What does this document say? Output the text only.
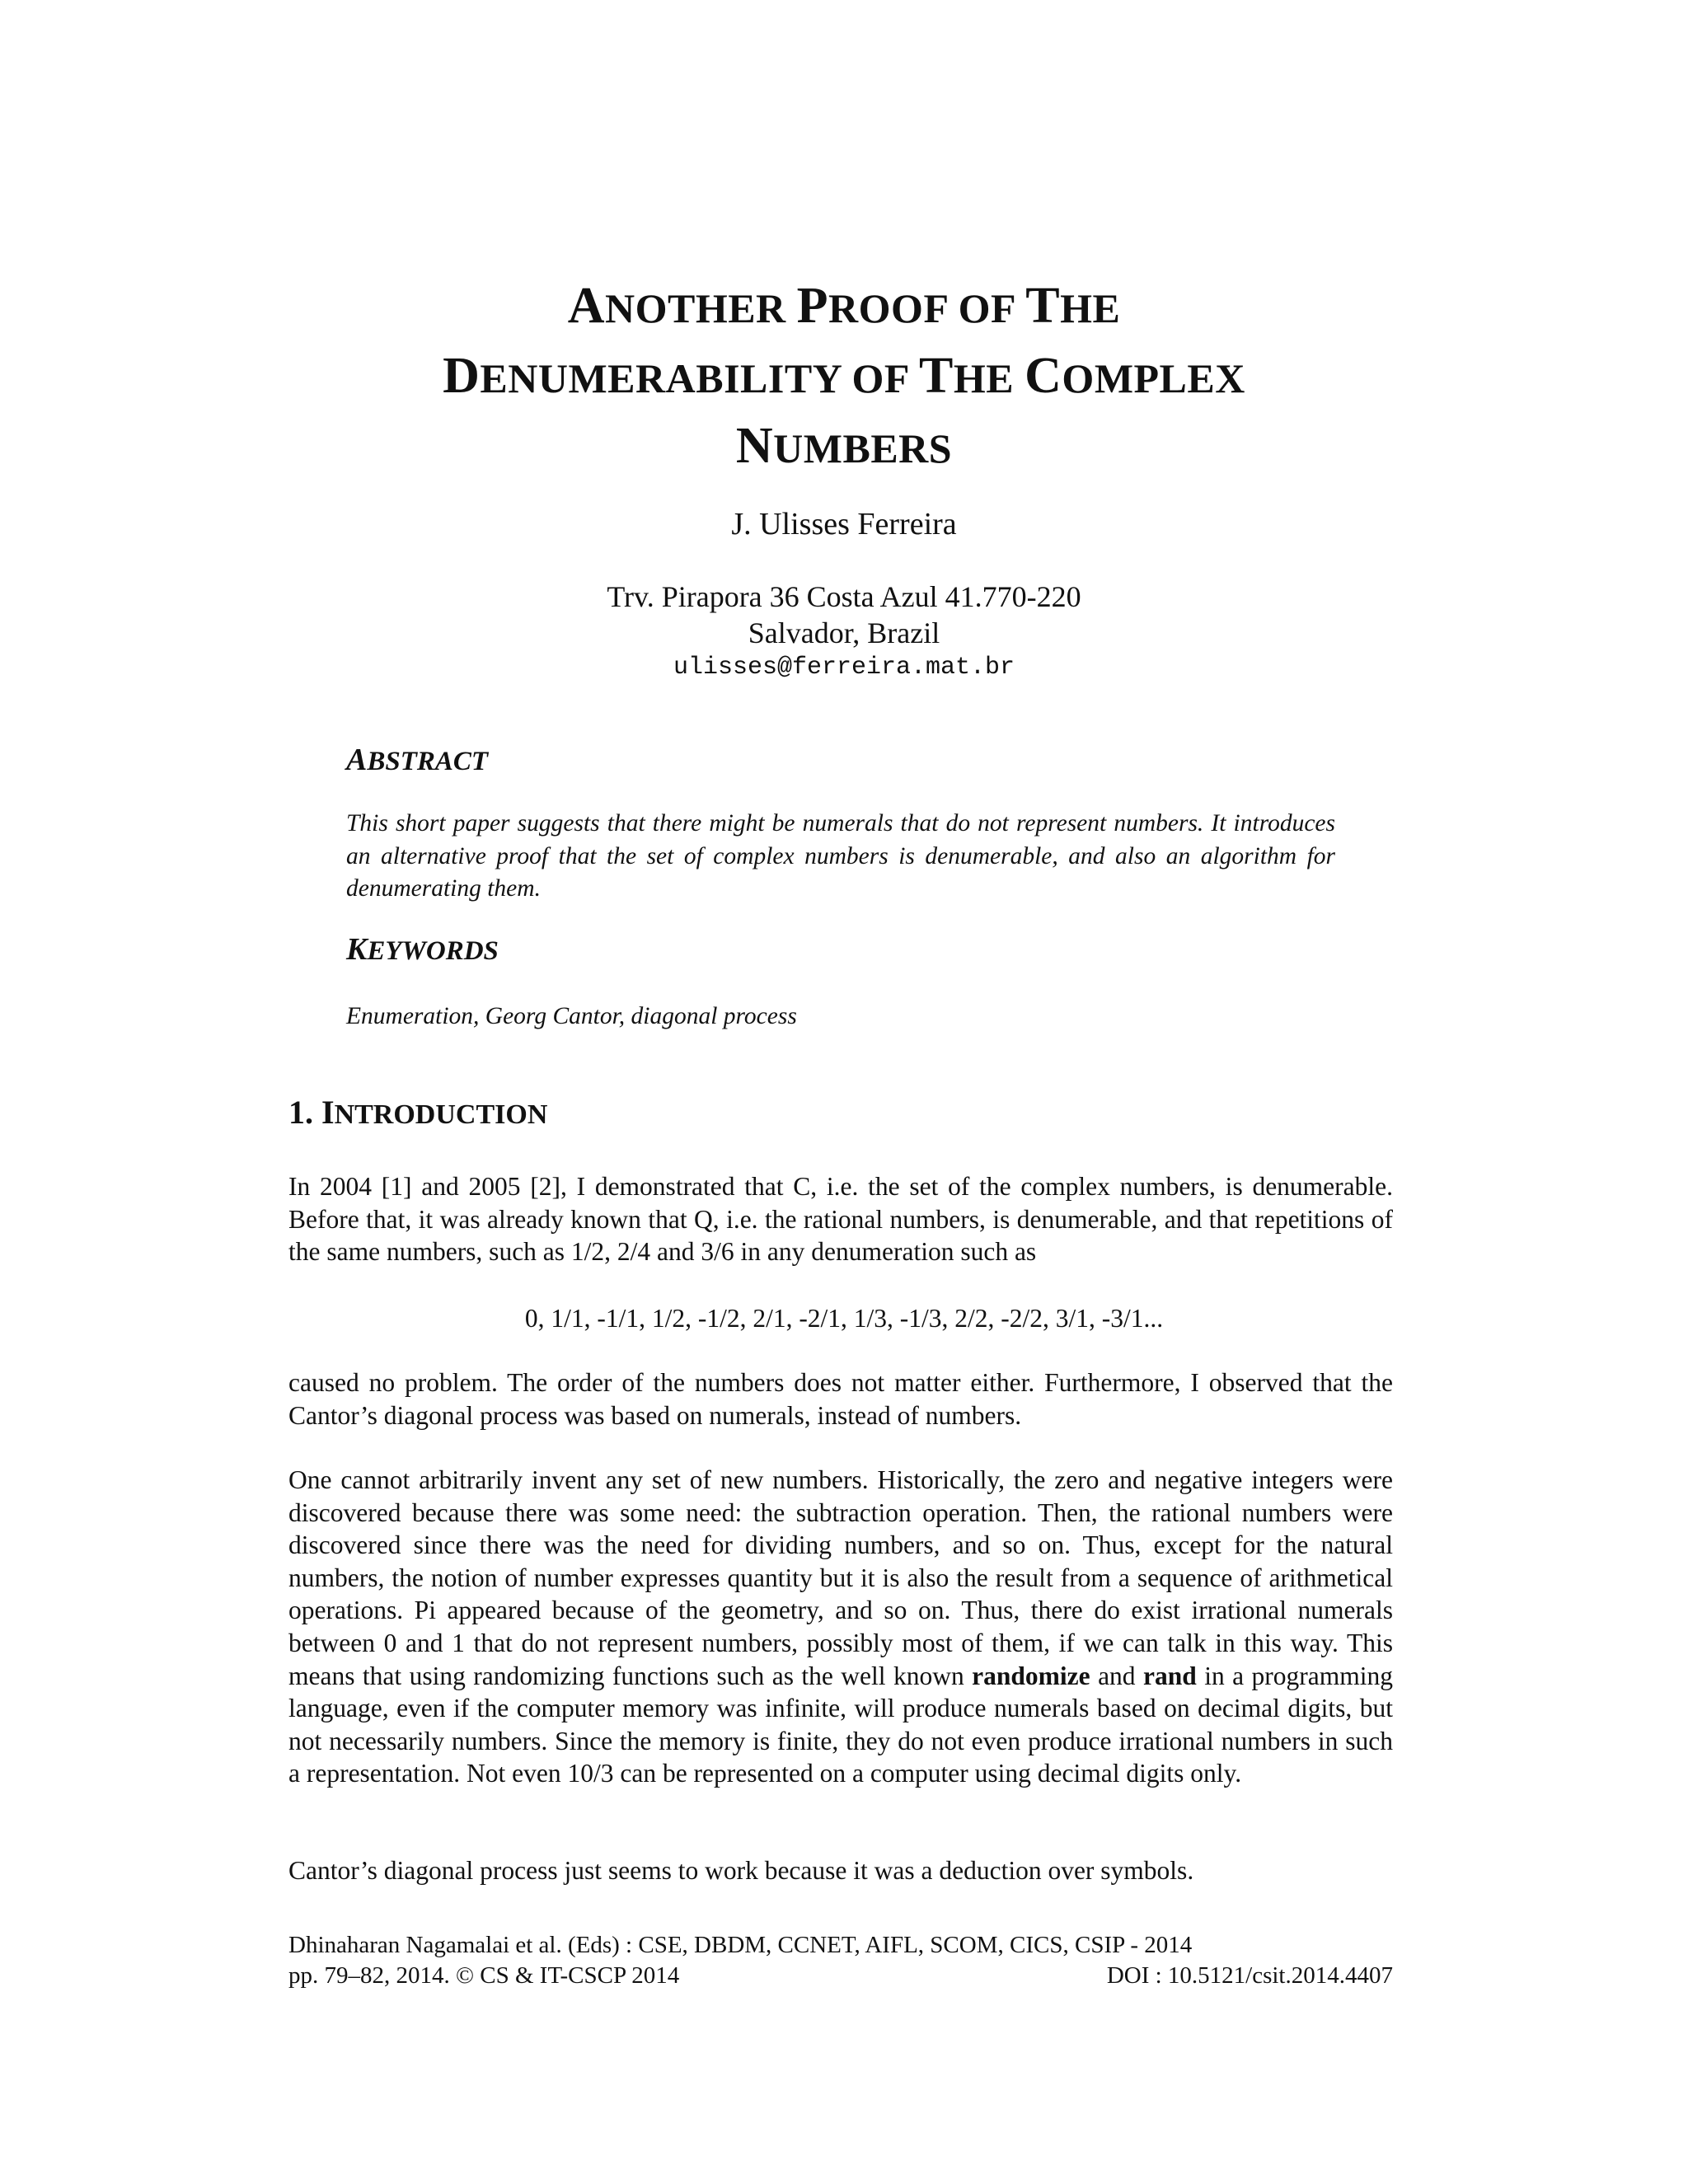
ANOTHER PROOF OF THE
DENUMERABILITY OF THE COMPLEX
NUMBERS
J. Ulisses Ferreira
Trv. Pirapora 36 Costa Azul 41.770-220
Salvador, Brazil
ulisses@ferreira.mat.br
ABSTRACT
This short paper suggests that there might be numerals that do not represent numbers. It introduces an alternative proof that the set of complex numbers is denumerable, and also an algorithm for denumerating them.
KEYWORDS
Enumeration, Georg Cantor, diagonal process
1. INTRODUCTION
In 2004 [1] and 2005 [2], I demonstrated that C, i.e. the set of the complex numbers, is denumerable. Before that, it was already known that Q, i.e. the rational numbers, is denumerable, and that repetitions of the same numbers, such as 1/2, 2/4 and 3/6 in any denumeration such as
0, 1/1, -1/1, 1/2, -1/2, 2/1, -2/1, 1/3, -1/3, 2/2, -2/2, 3/1, -3/1...
caused no problem. The order of the numbers does not matter either. Furthermore, I observed that the Cantor’s diagonal process was based on numerals, instead of numbers.
One cannot arbitrarily invent any set of new numbers. Historically, the zero and negative integers were discovered because there was some need: the subtraction operation. Then, the rational numbers were discovered since there was the need for dividing numbers, and so on. Thus, except for the natural numbers, the notion of number expresses quantity but it is also the result from a sequence of arithmetical operations. Pi appeared because of the geometry, and so on. Thus, there do exist irrational numerals between 0 and 1 that do not represent numbers, possibly most of them, if we can talk in this way. This means that using randomizing functions such as the well known randomize and rand in a programming language, even if the computer memory was infinite, will produce numerals based on decimal digits, but not necessarily numbers. Since the memory is finite, they do not even produce irrational numbers in such a representation. Not even 10/3 can be represented on a computer using decimal digits only.
Cantor’s diagonal process just seems to work because it was a deduction over symbols.
Dhinaharan Nagamalai et al. (Eds) : CSE, DBDM, CCNET, AIFL, SCOM, CICS, CSIP - 2014
pp. 79–82, 2014. © CS & IT-CSCP 2014	DOI : 10.5121/csit.2014.4407
